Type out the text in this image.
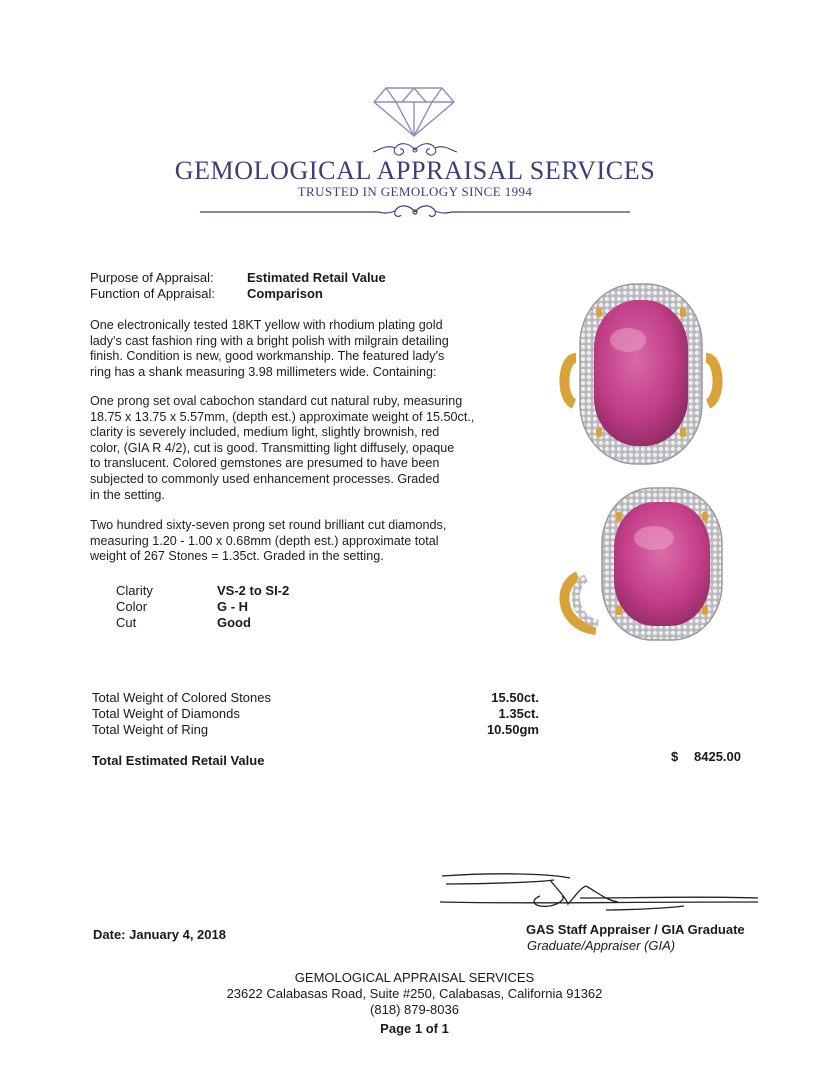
GEMOLOGICAL APPRAISAL SERVICES
TRUSTED IN GEMOLOGY SINCE 1994
Purpose of Appraisal:	Estimated Retail Value
Function of Appraisal: Comparison
One electronically tested 18KT yellow with rhodium plating gold
lady's cast fashion ring with a bright polish with milgrain detailing
finish. Condition is new, good workmanship. The featured lady's
ring has a shank measuring 3.98 millimeters wide. Containing:
One prong set oval cabochon standard cut natural ruby, measuring
18.75 x 13.75 x 5.57mm, (depth est.) approximate weight of 15.50ct.,
clarity is severely included, medium light, slightly brownish, red
color, (GIA R 4/2), cut is good. Transmitting light diffusely, opaque
to translucent. Colored gemstones are presumed to have been
subjected to commonly used enhancement processes. Graded
in the setting.
Two hundred sixty-seven prong set round brilliant cut diamonds,
measuring 1.20 - 1.00 x 0.68mm (depth est.) approximate total
weight of 267 Stones = 1.35ct. Graded in the setting.
Clarity	VS-2 to SI-2
Color	G - H
Cut	Good
Total Weight of Colored Stones	15.50ct.
Total Weight of Diamonds	1.35ct.
Total Weight of Ring	10.50gm
Total Estimated Retail Value	$ 8425.00
Date: January 4, 2018	GAS Staff Appraiser / GIA Graduate
Graduate/Appraiser (GIA)
GEMOLOGICAL APPRAISAL SERVICES
23622 Calabasas Road, Suite #250, Calabasas, California 91362
(818) 879-8036
Page 1 of 1
